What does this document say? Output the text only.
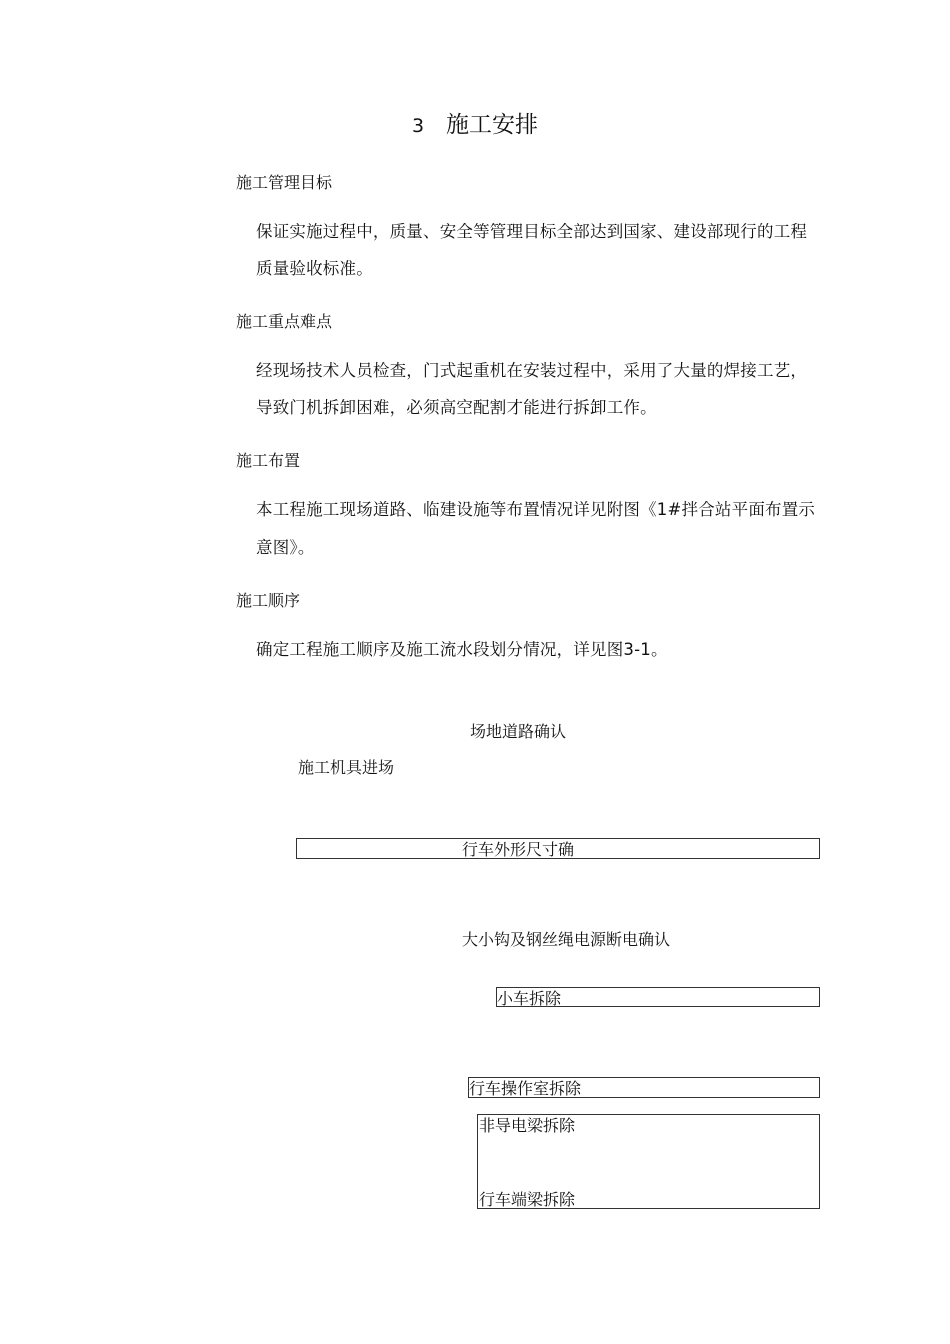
3 施工安排
施工管理目标
保证实施过程中，质量、安全等管理目标全部达到国家、建设部现行的工程
质量验收标准。
施工重点难点
经现场技术人员检查，门式起重机在安装过程中，采用了大量的焊接工艺，
导致门机拆卸困难，必须高空配割才能进行拆卸工作。
施工布置
本工程施工现场道路、临建设施等布置情况详见附图《1#拌合站平面布置示
意图》。
施工顺序
确定工程施工顺序及施工流水段划分情况，详见图3-1。
场地道路确认
施工机具进场
行车外形尺寸确
大小钩及钢丝绳电源断电确认
小车拆除
行车操作室拆除
非导电梁拆除
行车端梁拆除
